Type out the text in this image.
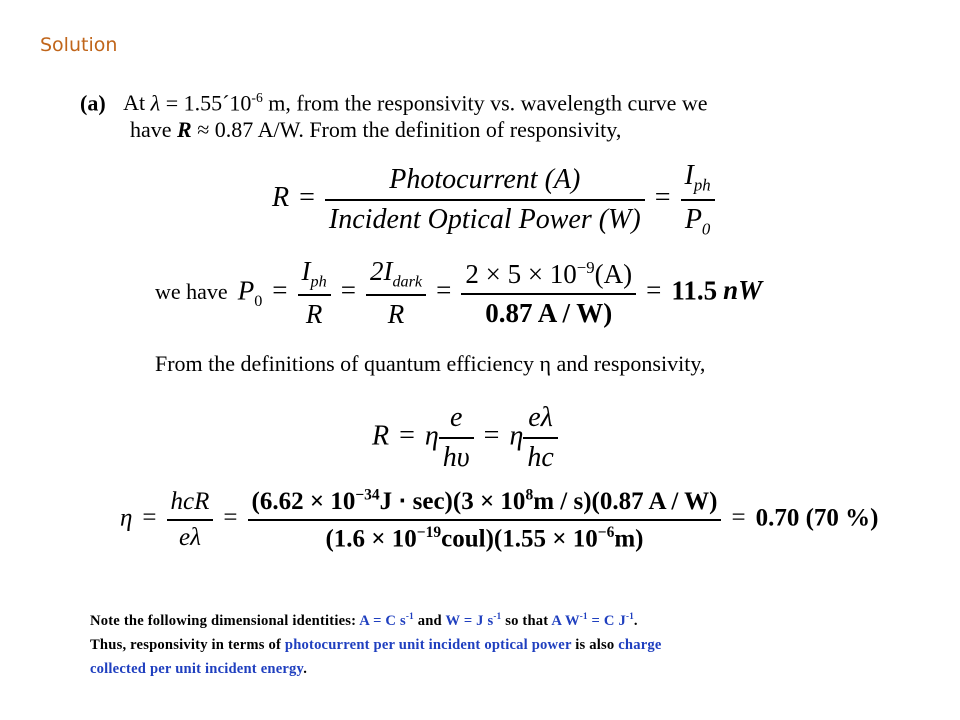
Solution
(a) At $\lambda = 1.55´10^{-6}$ m, from the responsivity vs. wavelength curve we
have R ≈ 0.87 A/W. From the definition of responsivity,
$R = \frac{\text{Photocurrent (A)}}{\text{Incident Optical Power (W)}} = \frac{I_{ph}}{P_0}$
we have $P_0 = \frac{I_{ph}}{R} = \frac{2I_{dark}}{R} = \frac{2 \times 5 \times 10^{-9}(A)}{0.87 A / W)} = 11.5$ nW
From the definitions of quantum efficiency η and responsivity,
R = η $\frac{e}{h\upsilon} = \eta \frac{e\lambda}{hc}$
$\eta = \frac{\text{hcR}}{e\lambda} = \frac{(6.62 \times 10^{-34}J \cdot \sec)(3 \times 10^8m / s)(0.87 A / W)}{(1.6 \times 10^{-19}coul)(1.55 \times 10^{-6}m)} = 0.70$ (70 %)
Note the following dimensional identities: A = C $s^{-1}$ and W = J $s^{-1}$ so that A $W^{-1} = C$ $J^{-1}$.
Thus, responsivity in terms of photocurrent per unit incident optical power is also charge
collected per unit incident energy.
